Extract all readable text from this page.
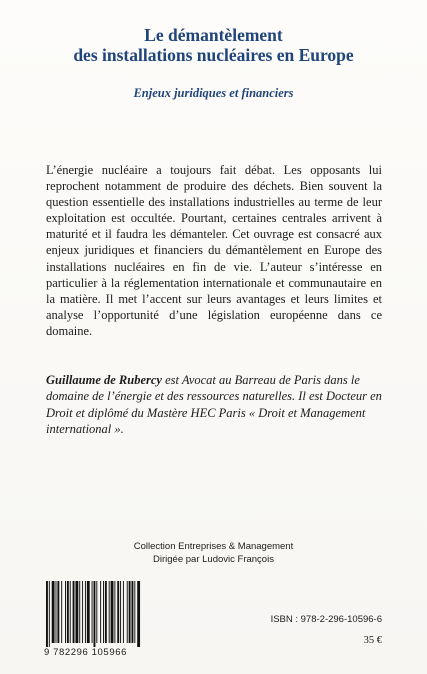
Le démantèlement
des installations nucléaires en Europe
Enjeux juridiques et financiers
L’énergie nucléaire a toujours fait débat. Les opposants lui reprochent notamment de produire des déchets. Bien souvent la question essentielle des installations industrielles au terme de leur exploitation est occultée. Pourtant, certaines centrales arrivent à maturité et il faudra les démanteler. Cet ouvrage est consacré aux enjeux juridiques et financiers du démantèlement en Europe des installations nucléaires en fin de vie. L’auteur s’intéresse en particulier à la réglementation internationale et communautaire en la matière. Il met l’accent sur leurs avantages et leurs limites et analyse l’opportunité d’une législation européenne dans ce domaine.
Guillaume de Rubercy est Avocat au Barreau de Paris dans le domaine de l’énergie et des ressources naturelles. Il est Docteur en Droit et diplômé du Mastère HEC Paris « Droit et Management international ».
Collection Entreprises & Management
Dirigée par Ludovic François
9 782296 105966
ISBN : 978-2-296-10596-6
35 €
